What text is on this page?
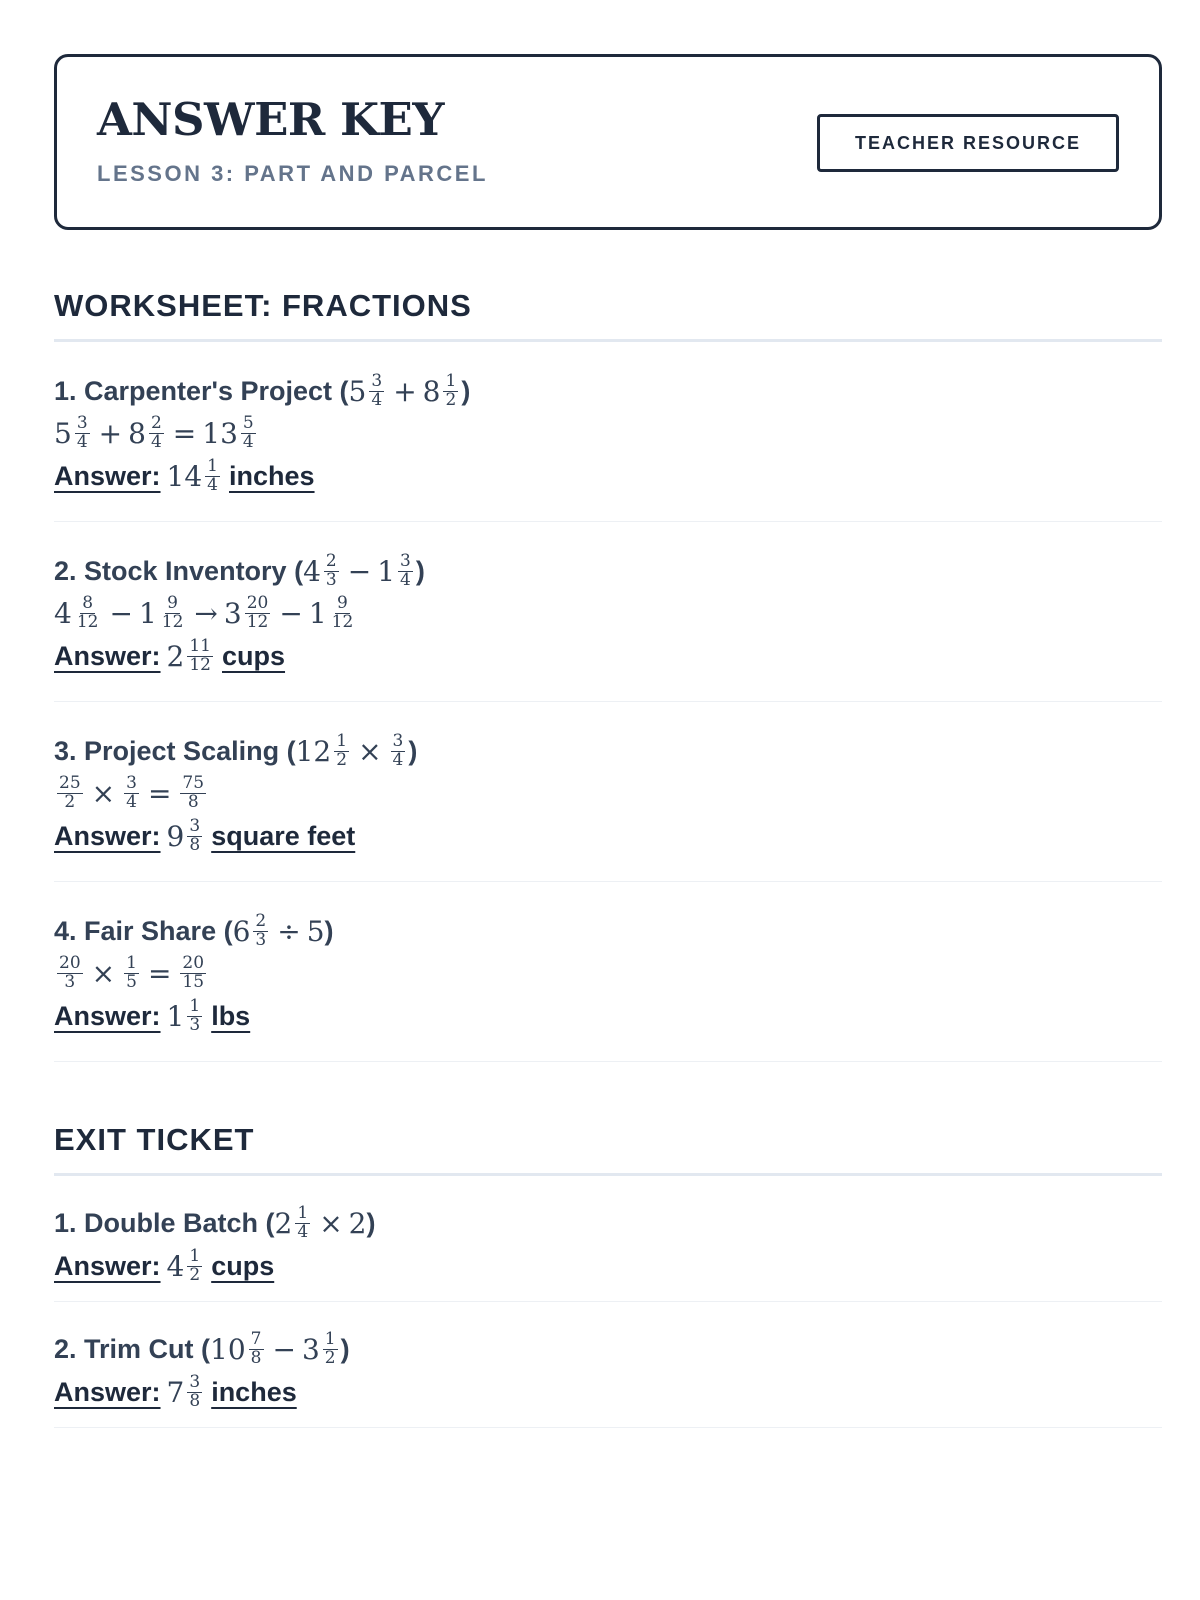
ANSWER KEY
LESSON 3: PART AND PARCEL
TEACHER RESOURCE
WORKSHEET: FRACTIONS
1. Carpenter's Project ( $5 \frac{3}{4} + 8 \frac{1}{2}$ )
$5 \frac{3}{4} + 8 \frac{2}{4} = 13 \frac{5}{4}$
Answer: $14 \frac{1}{4}$ inches
2. Stock Inventory ( $4 \frac{2}{3} - 1 \frac{3}{4}$ )
$4 \frac{8}{12} - 1 \frac{9}{12} \to 3 \frac{20}{12} - 1 \frac{9}{12}$
Answer: $2 \frac{11}{12}$ cups
3. Project Scaling ( $12 \frac{1}{2} \times \frac{3}{4}$ )
$\frac{25}{2} \times \frac{3}{4} = \frac{75}{8}$
Answer: $9 \frac{3}{8}$ square feet
4. Fair Share ( $6 \frac{2}{3} \div 5$ )
$\frac{20}{3} \times \frac{1}{5} = \frac{20}{15}$
Answer: $1 \frac{1}{3}$ lbs
EXIT TICKET
1. Double Batch ( $2 \frac{1}{4} \times 2$ )
Answer: $4 \frac{1}{2}$ cups
2. Trim Cut ( $10 \frac{7}{8} - 3 \frac{1}{2}$ )
Answer: $7 \frac{3}{8}$ inches
